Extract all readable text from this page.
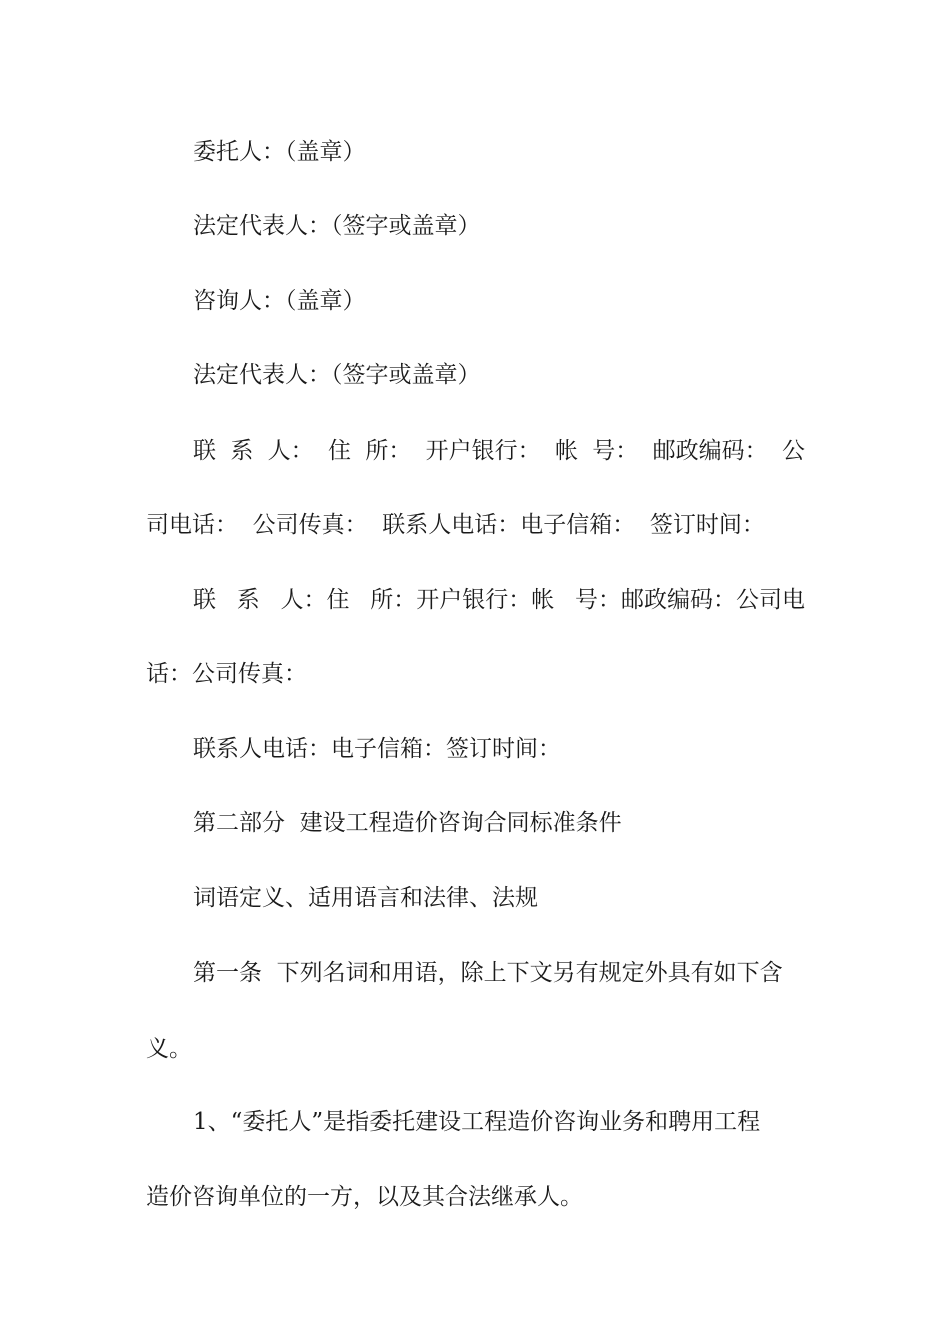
委托人：（盖章）
法定代表人：（签字或盖章）
咨询人：（盖章）
法定代表人：（签字或盖章）
联 系 人： 住 所： 开户银行： 帐 号： 邮政编码： 公
司电话：  公司传真：  联系人电话：电子信箱：  签订时间：
联 系 人：住 所：开户银行：帐 号：邮政编码：公司电
话：公司传真：
联系人电话：电子信箱：签订时间：
第二部分  建设工程造价咨询合同标准条件
词语定义、适用语言和法律、法规
第一条  下列名词和用语，除上下文另有规定外具有如下含
义。
1、“委托人”是指委托建设工程造价咨询业务和聘用工程
造价咨询单位的一方，以及其合法继承人。
